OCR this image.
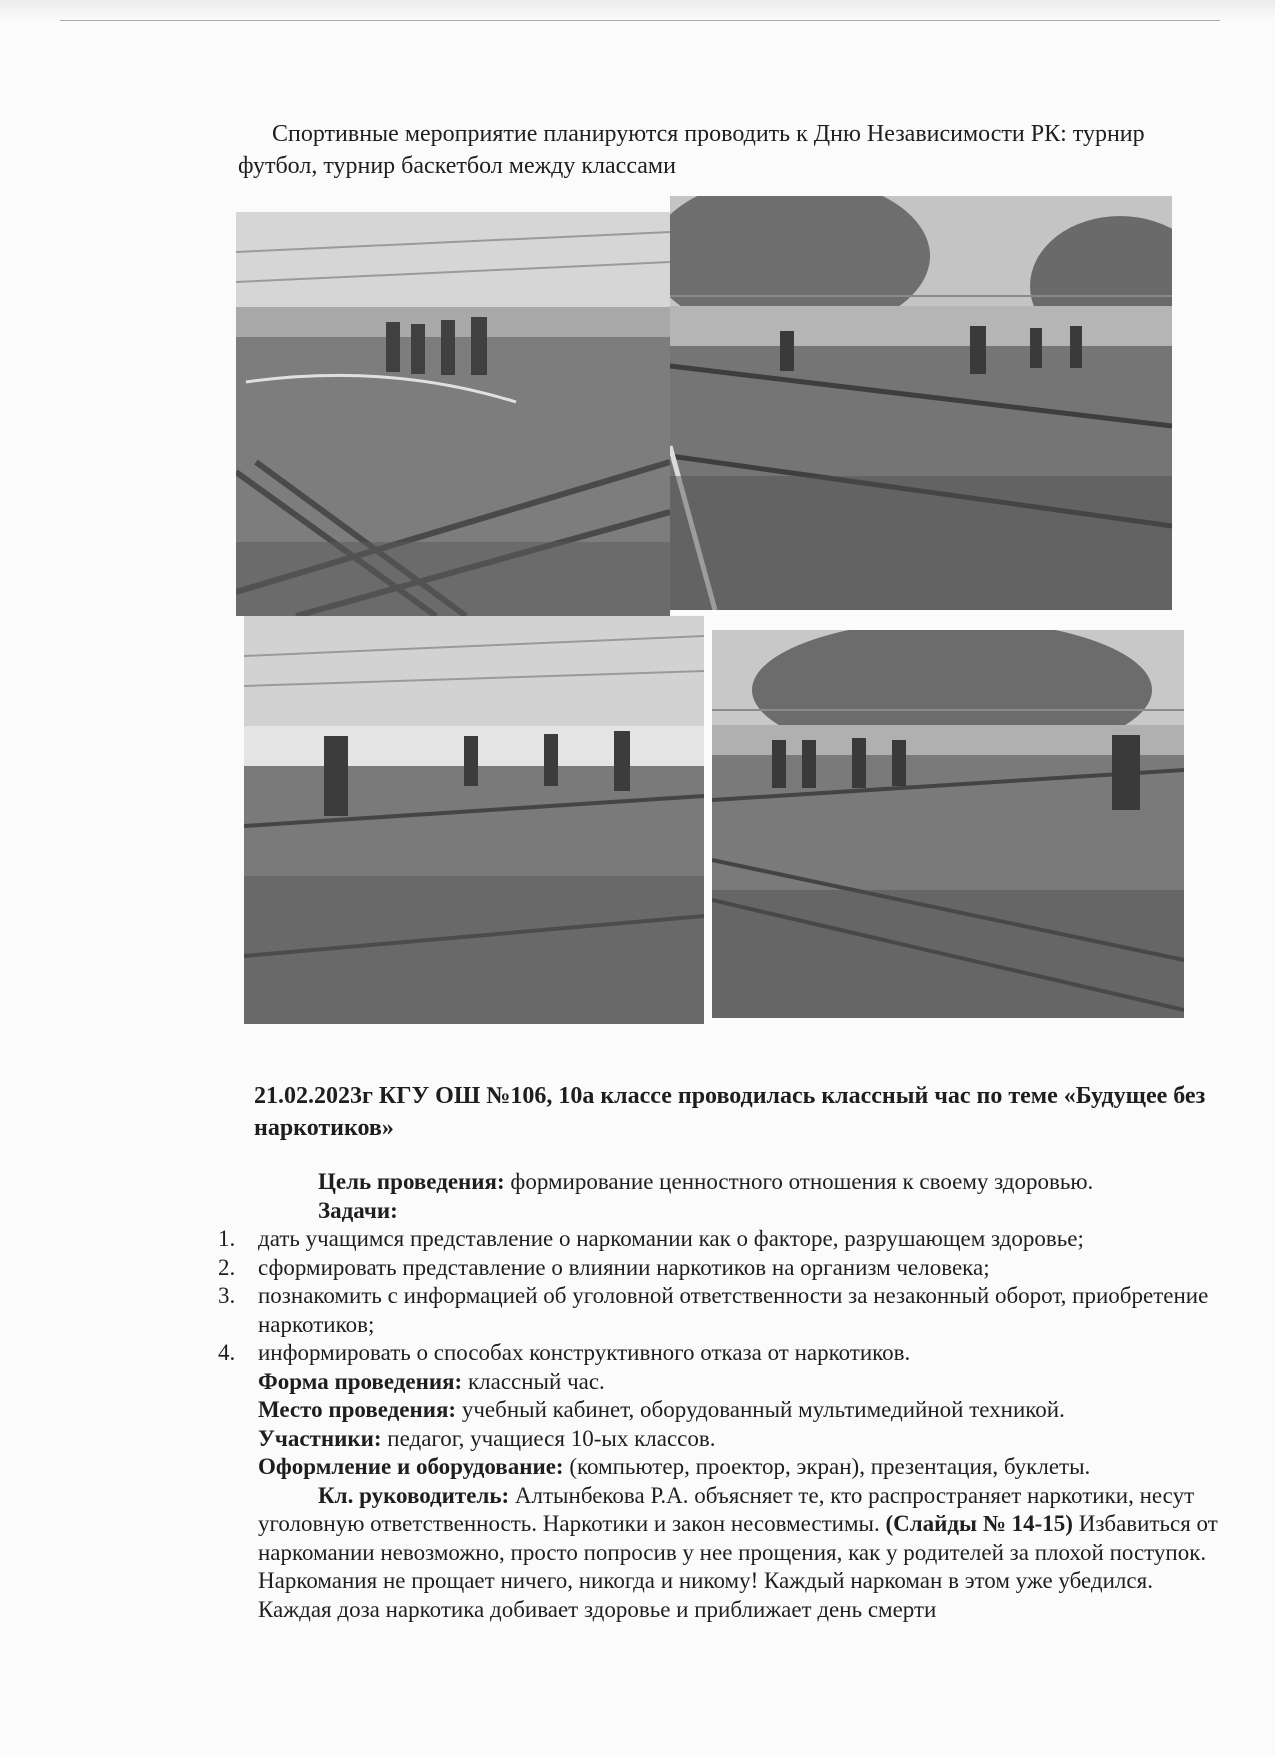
Спортивные мероприятие планируются проводить к Дню Независимости РК: турнир футбол, турнир баскетбол между классами
21.02.2023г КГУ ОШ №106, 10а классе проводилась классный час по теме «Будущее без наркотиков»
Цель проведения: формирование ценностного отношения к своему здоровью.
Задачи:
1. дать учащимся представление о наркомании как о факторе, разрушающем здоровье;
2. сформировать представление о влиянии наркотиков на организм человека;
3. познакомить с информацией об уголовной ответственности за незаконный оборот, приобретение наркотиков;
4. информировать о способах конструктивного отказа от наркотиков.
Форма проведения: классный час.
Место проведения: учебный кабинет, оборудованный мультимедийной техникой.
Участники: педагог, учащиеся 10-ых классов.
Оформление и оборудование: (компьютер, проектор, экран), презентация, буклеты.
Кл. руководитель: Алтынбекова Р.А. объясняет те, кто распространяет наркотики, несут уголовную ответственность. Наркотики и закон несовместимы. (Слайды № 14-15) Избавиться от наркомании невозможно, просто попросив у нее прощения, как у родителей за плохой поступок. Наркомания не прощает ничего, никогда и никому! Каждый наркоман в этом уже убедился. Каждая доза наркотика добивает здоровье и приближает день смерти
